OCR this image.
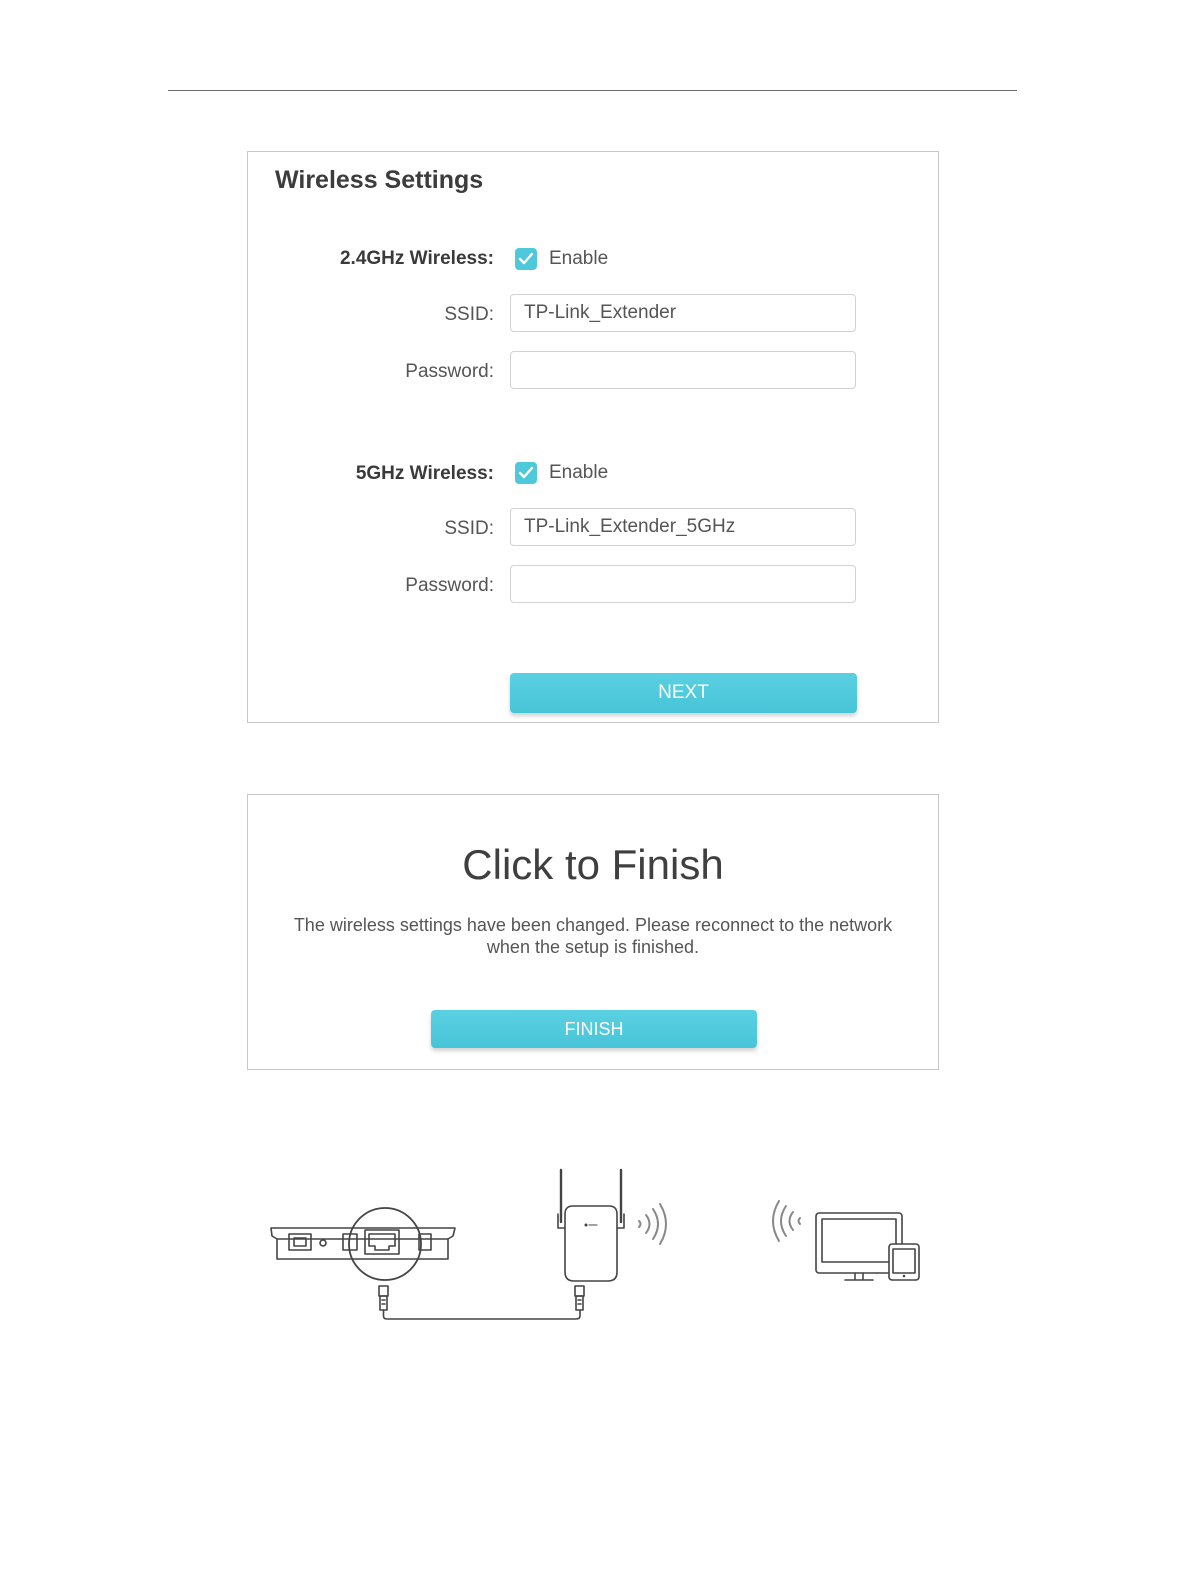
Wireless Settings
2.4GHz Wireless:	Enable
SSID:
TP-Link_Extender
Password:
5GHz Wireless:	Enable
SSID:
TP-Link_Extender_5GHz
Password:
NEXT
Click to Finish

The wireless settings have been changed. Please reconnect to the network
when the setup is finished.

FINISH
